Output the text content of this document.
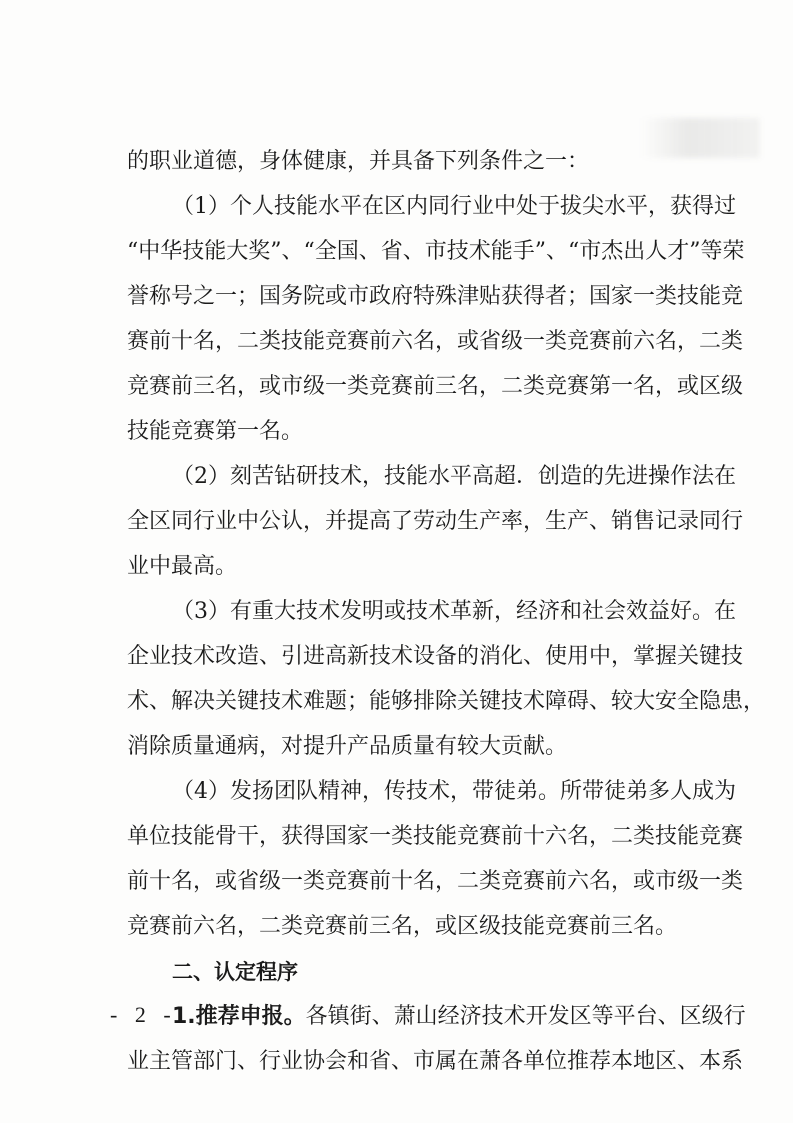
的职业道德，身体健康，并具备下列条件之一：
（1）个人技能水平在区内同行业中处于拔尖水平，获得过
“中华技能大奖”、“全国、省、市技术能手”、“市杰出人才”等荣
誉称号之一；国务院或市政府特殊津贴获得者；国家一类技能竞
赛前十名，二类技能竞赛前六名，或省级一类竞赛前六名，二类
竞赛前三名，或市级一类竞赛前三名，二类竞赛第一名，或区级
技能竞赛第一名。
（2）刻苦钻研技术，技能水平高超．创造的先进操作法在
全区同行业中公认，并提高了劳动生产率，生产、销售记录同行
业中最高。
（3）有重大技术发明或技术革新，经济和社会效益好。在
企业技术改造、引进高新技术设备的消化、使用中，掌握关键技
术、解决关键技术难题；能够排除关键技术障碍、较大安全隐患，
消除质量通病，对提升产品质量有较大贡献。
（4）发扬团队精神，传技术，带徒弟。所带徒弟多人成为
单位技能骨干，获得国家一类技能竞赛前十六名，二类技能竞赛
前十名，或省级一类竞赛前十名，二类竞赛前六名，或市级一类
竞赛前六名，二类竞赛前三名，或区级技能竞赛前三名。
二、认定程序
1.推荐申报。 各镇街、萧山经济技术开发区等平台、区级行
业主管部门、行业协会和省、市属在萧各单位推荐本地区、本系
- 2 -
